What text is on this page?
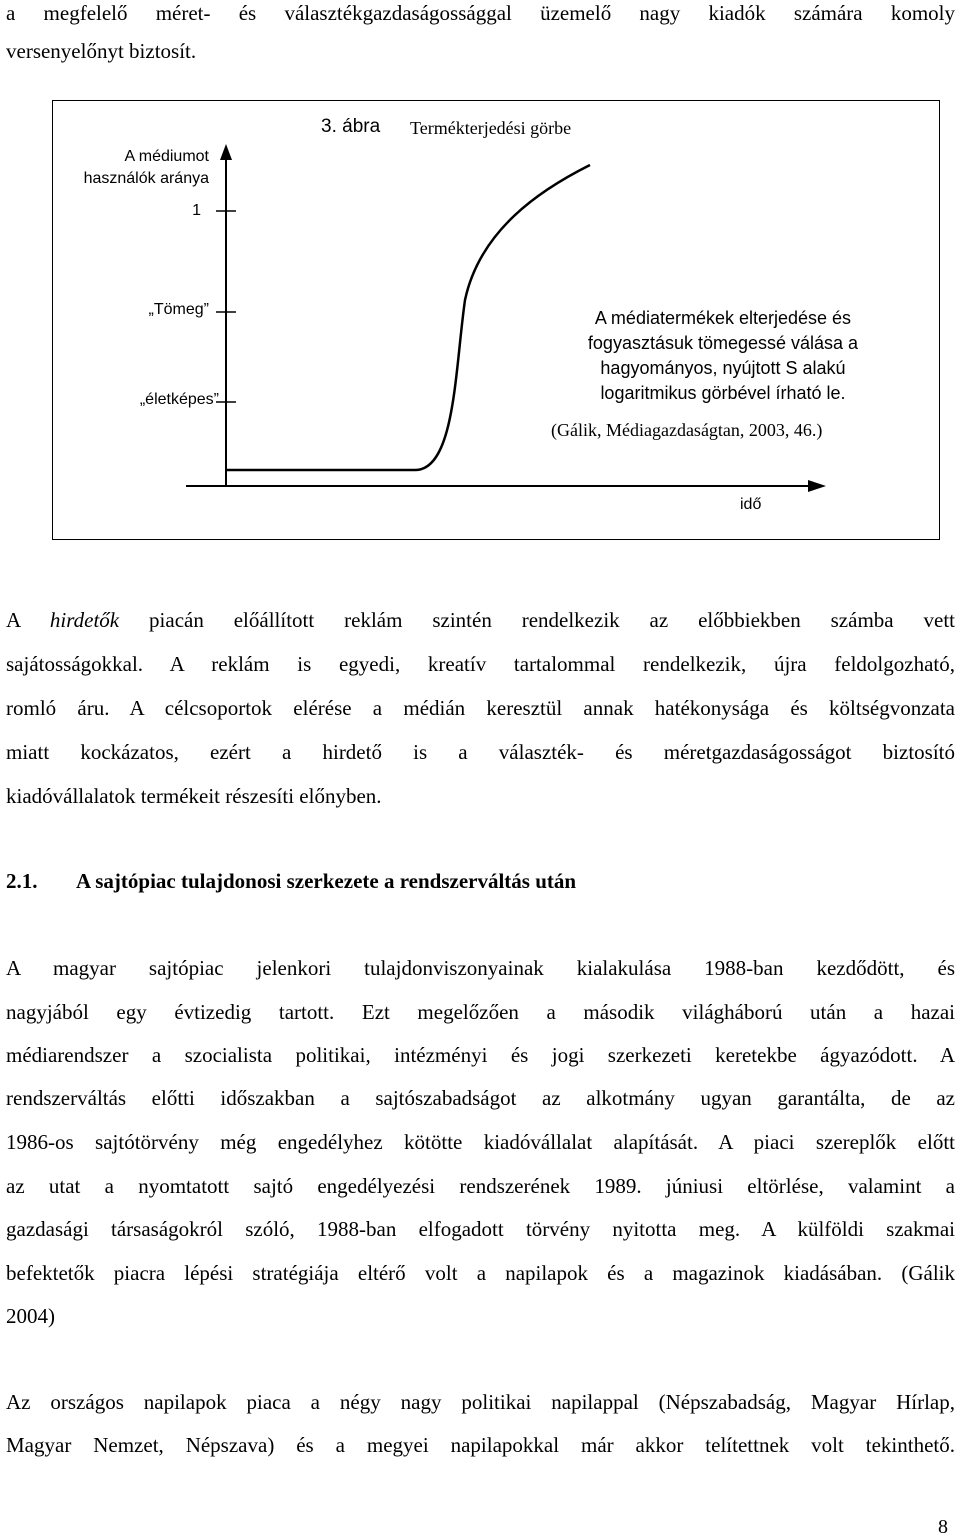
a megfelelő méret- és választékgazdaságossággal üzemelő nagy kiadók számára komoly
versenyelőnyt biztosít.
3. ábra Termékterjedési görbe
A médiumot
használók aránya
1
„Tömeg”
„életképes”
A médiatermékek elterjedése és
fogyasztásuk tömegessé válása a
hagyományos, nyújtott S alakú
logaritmikus görbével írható le.
(Gálik, Médiagazdaságtan, 2003, 46.)
idő
A hirdetők piacán előállított reklám szintén rendelkezik az előbbiekben számba vett
sajátosságokkal. A reklám is egyedi, kreatív tartalommal rendelkezik, újra feldolgozható,
romló áru. A célcsoportok elérése a médián keresztül annak hatékonysága és költségvonzata
miatt kockázatos, ezért a hirdető is a választék- és méretgazdaságosságot biztosító
kiadóvállalatok termékeit részesíti előnyben.
2.1. A sajtópiac tulajdonosi szerkezete a rendszerváltás után
A magyar sajtópiac jelenkori tulajdonviszonyainak kialakulása 1988-ban kezdődött, és
nagyjából egy évtizedig tartott. Ezt megelőzően a második világháború után a hazai
médiarendszer a szocialista politikai, intézményi és jogi szerkezeti keretekbe ágyazódott. A
rendszerváltás előtti időszakban a sajtószabadságot az alkotmány ugyan garantálta, de az
1986-os sajtótörvény még engedélyhez kötötte kiadóvállalat alapítását. A piaci szereplők előtt
az utat a nyomtatott sajtó engedélyezési rendszerének 1989. júniusi eltörlése, valamint a
gazdasági társaságokról szóló, 1988-ban elfogadott törvény nyitotta meg. A külföldi szakmai
befektetők piacra lépési stratégiája eltérő volt a napilapok és a magazinok kiadásában. (Gálik
2004)
Az országos napilapok piaca a négy nagy politikai napilappal (Népszabadság, Magyar Hírlap,
Magyar Nemzet, Népszava) és a megyei napilapokkal már akkor telítettnek volt tekinthető.
8
